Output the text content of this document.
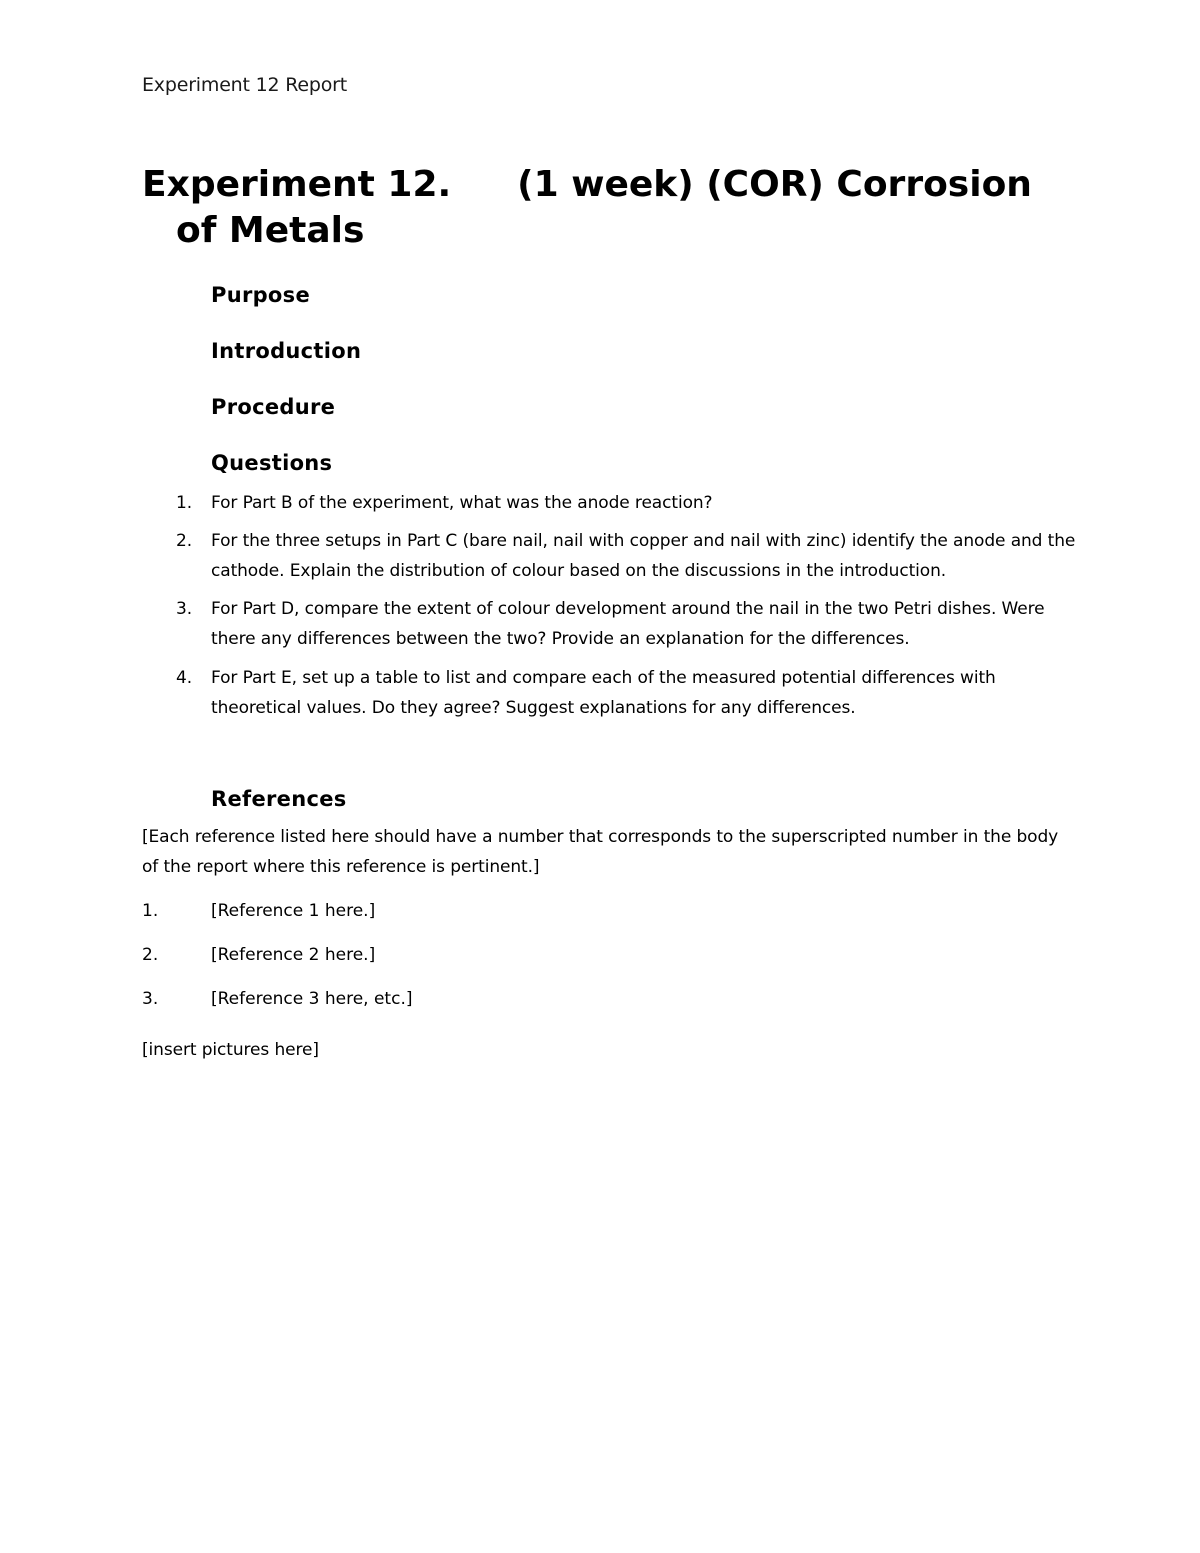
Experiment 12 Report
Experiment 12. (1 week) (COR) Corrosion
of Metals
Purpose
Introduction
Procedure
Questions
1.	For Part B of the experiment, what was the anode reaction?
2.	For the three setups in Part C (bare nail, nail with copper and nail with zinc) identify the anode and the cathode. Explain the distribution of colour based on the discussions in the introduction.
3.	For Part D, compare the extent of colour development around the nail in the two Petri dishes. Were there any differences between the two? Provide an explanation for the differences.
4.	For Part E, set up a table to list and compare each of the measured potential differences with theoretical values. Do they agree? Suggest explanations for any differences.
References

[Each reference listed here should have a number that corresponds to the superscripted number in the body of the report where this reference is pertinent.]

1.	[Reference 1 here.]
2.	[Reference 2 here.]
3.	[Reference 3 here, etc.]

[insert pictures here]
